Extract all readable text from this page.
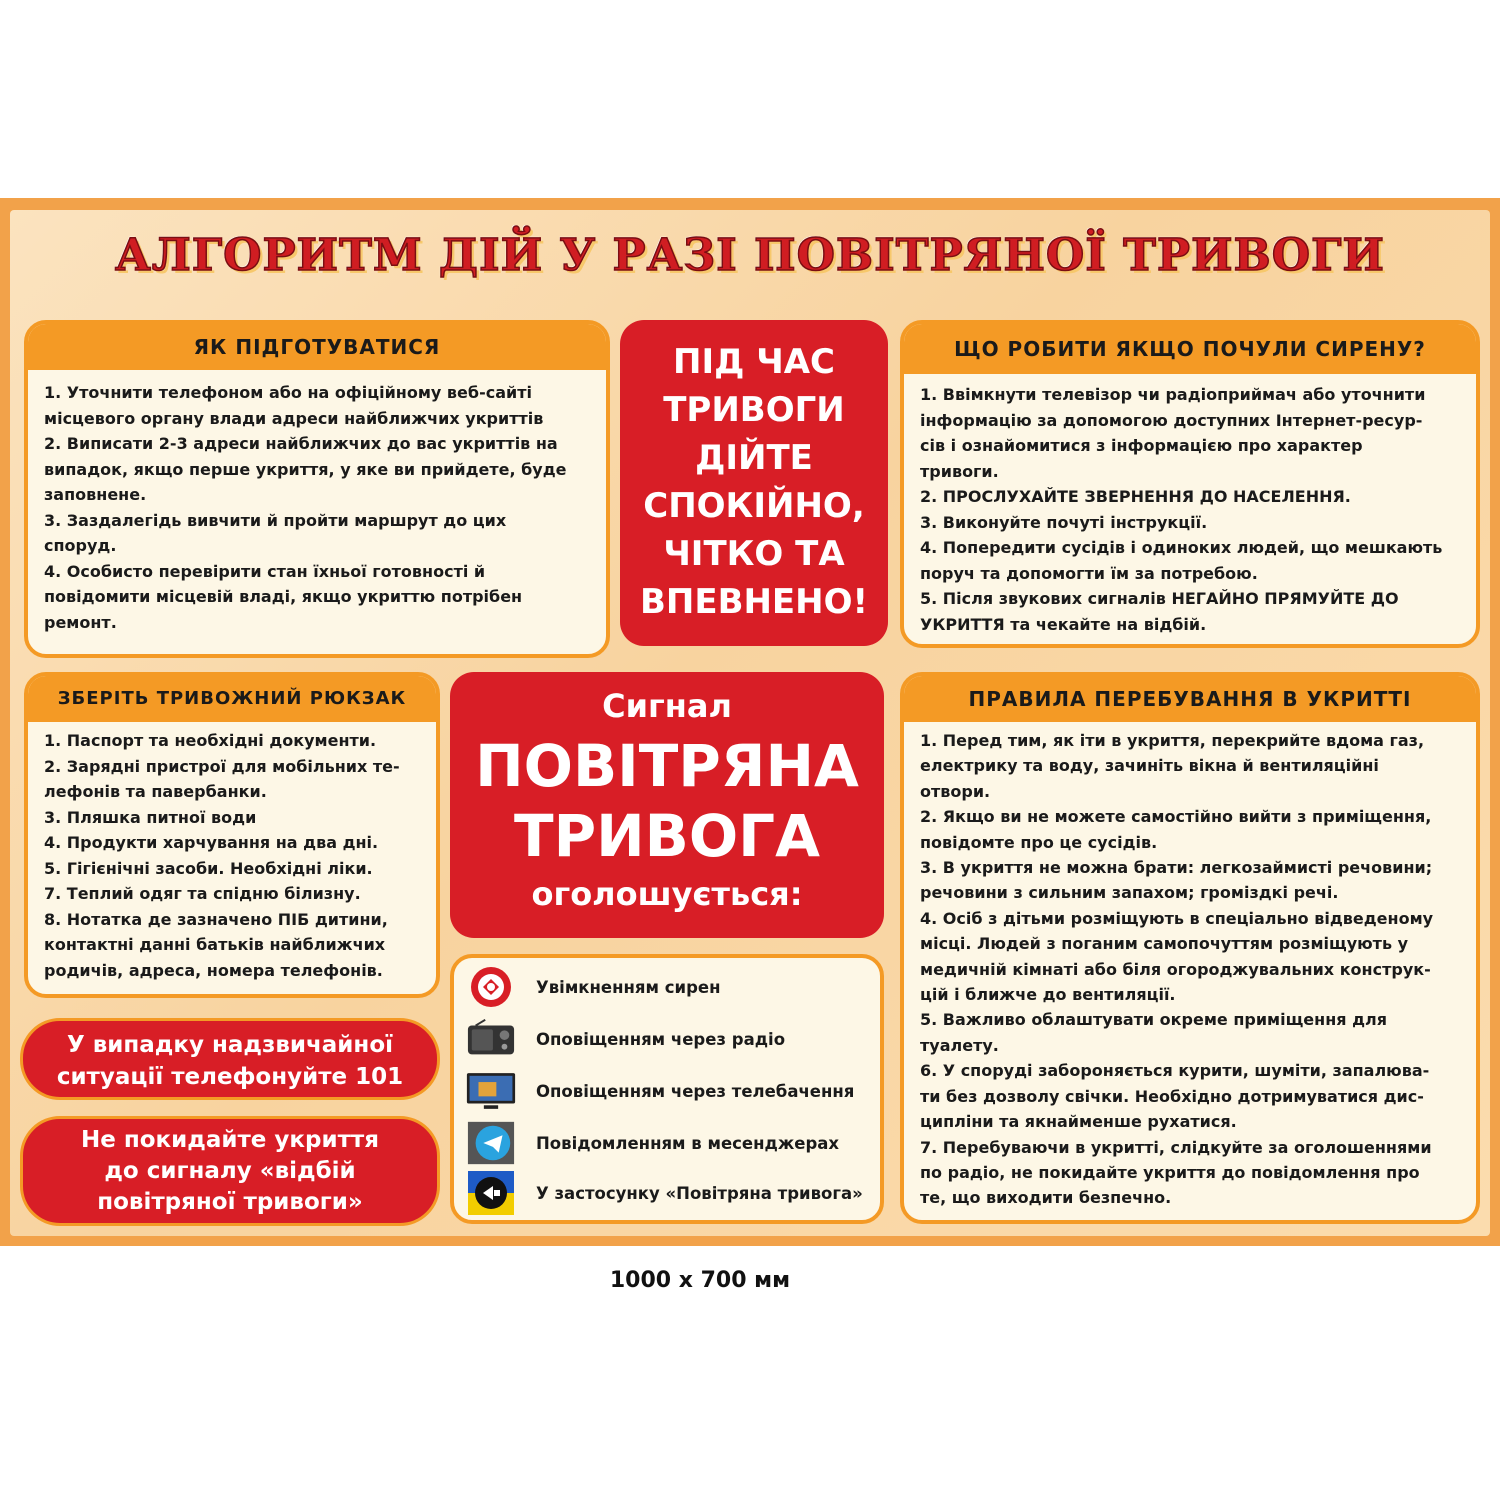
АЛГОРИТМ ДІЙ У РАЗІ ПОВІТРЯНОЇ ТРИВОГИ
ЯК ПІДГОТУВАТИСЯ

1. Уточнити телефоном або на офіційному веб-сайті

місцевого органу влади адреси найближчих укриттів

2. Виписати 2-3 адреси найближчих до вас укриттів на

випадок, якщо перше укриття, у яке ви прийдете, буде

заповнене.

3. Заздалегідь вивчити й пройти маршрут до цих

споруд.

4. Особисто перевірити стан їхньої готовності й

повідомити місцевій владі, якщо укриттю потрібен

ремонт.

ПІД ЧАС
ТРИВОГИ
ДІЙТЕ
СПОКІЙНО,
ЧІТКО ТА
ВПЕВНЕНО!
ЩО РОБИТИ ЯКЩО ПОЧУЛИ СИРЕНУ?

1. Ввімкнути телевізор чи радіоприймач або уточнити

інформацію за допомогою доступних Інтернет-ресур-

сів і ознайомитися з інформацією про характер

тривоги.

2. ПРОСЛУХАЙТЕ ЗВЕРНЕННЯ ДО НАСЕЛЕННЯ.

3. Виконуйте почуті інструкції.

4. Попередити сусідів і одиноких людей, що мешкають

поруч та допомогти їм за потребою.

5. Після звукових сигналів НЕГАЙНО ПРЯМУЙТЕ ДО

УКРИТТЯ та чекайте на відбій.

ЗБЕРІТЬ ТРИВОЖНИЙ РЮКЗАК

1. Паспорт та необхідні документи.

2. Зарядні пристрої для мобільних те-

лефонів та павербанки.

3. Пляшка питної води

4. Продукти харчування на два дні.

5. Гігієнічні засоби. Необхідні ліки.

7. Теплий одяг та спідню білизну.

8. Нотатка де зазначено ПІБ дитини,

контактні данні батьків найближчих

родичів, адреса, номера телефонів.

У випадку надзвичайної
ситуації телефонуйте 101
Не покидайте укриття
до сигналу «відбій
повітряної тривоги»
Сигнал
ПОВІТРЯНА
ТРИВОГА
оголошується:
Увімкненням сирен
Оповіщенням через радіо
Оповіщенням через телебачення
Повідомленням в месенджерах
У застосунку «Повітряна тривога»
ПРАВИЛА ПЕРЕБУВАННЯ В УКРИТТІ

1. Перед тим, як іти в укриття, перекрийте вдома газ,

електрику та воду, зачиніть вікна й вентиляційні

отвори.

2. Якщо ви не можете самостійно вийти з приміщення,

повідомте про це сусідів.

3. В укриття не можна брати: легкозаймисті речовини;

речовини з сильним запахом; громіздкі речі.

4. Осіб з дітьми розміщують в спеціально відведеному

місці. Людей з поганим самопочуттям розміщують у

медичній кімнаті або біля огороджувальних конструк-

цій і ближче до вентиляції.

5. Важливо облаштувати окреме приміщення для

туалету.

6. У споруді забороняється курити, шуміти, запалюва-

ти без дозволу свічки. Необхідно дотримуватися дис-

ципліни та якнайменше рухатися.

7. Перебуваючи в укритті, слідкуйте за оголошеннями

по радіо, не покидайте укриття до повідомлення про

те, що виходити безпечно.

1000 х 700 мм
